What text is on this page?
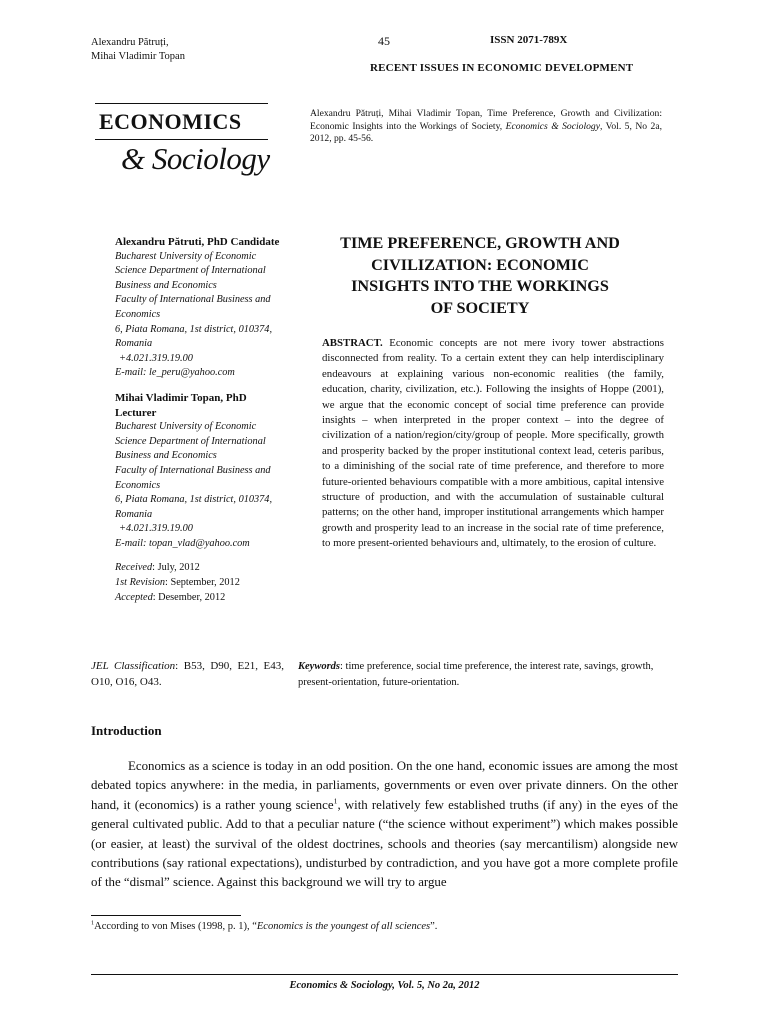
Alexandru Pătruți,
Mihai Vladimir Topan
45	ISSN 2071-789X
RECENT ISSUES IN ECONOMIC DEVELOPMENT
ECONOMICS
& Sociology
Alexandru Pătruți, Mihai Vladimir Topan, Time Preference, Growth and Civilization: Economic Insights into the Workings of Society, Economics & Sociology, Vol. 5, No 2a, 2012, pp. 45-56.
Alexandru Pătruti, PhD Candidate
Bucharest University of Economic Science Department of International Business and Economics
Faculty of International Business and Economics
6, Piata Romana, 1st district, 010374, Romania
+4.021.319.19.00
E-mail: le_peru@yahoo.com
Mihai Vladimir Topan, PhD Lecturer
Bucharest University of Economic Science Department of International Business and Economics
Faculty of International Business and Economics
6, Piata Romana, 1st district, 010374, Romania
+4.021.319.19.00
E-mail: topan_vlad@yahoo.com
Received: July, 2012
1st Revision: September, 2012
Accepted: Desember, 2012
TIME PREFERENCE, GROWTH AND
CIVILIZATION: ECONOMIC
INSIGHTS INTO THE WORKINGS
OF SOCIETY
ABSTRACT. Economic concepts are not mere ivory tower abstractions disconnected from reality. To a certain extent they can help interdisciplinary endeavours at explaining various non-economic realities (the family, education, charity, civilization, etc.). Following the insights of Hoppe (2001), we argue that the economic concept of social time preference can provide insights – when interpreted in the proper context – into the degree of civilization of a nation/region/city/group of people. More specifically, growth and prosperity backed by the proper institutional context lead, ceteris paribus, to a diminishing of the social rate of time preference, and therefore to more future-oriented behaviours compatible with a more ambitious, capital intensive structure of production, and with the accumulation of sustainable cultural patterns; on the other hand, improper institutional arrangements which hamper growth and prosperity lead to an increase in the social rate of time preference, to more present-oriented behaviours and, ultimately, to the erosion of culture.
JEL Classification: B53, D90, E21, E43, O10, O16, O43.
Keywords: time preference, social time preference, the interest rate, savings, growth, present-orientation, future-orientation.
Introduction
Economics as a science is today in an odd position. On the one hand, economic issues are among the most debated topics anywhere: in the media, in parliaments, governments or even over private dinners. On the other hand, it (economics) is a rather young science$^1$, with relatively few established truths (if any) in the eyes of the general cultivated public. Add to that a peculiar nature (“the science without experiment”) which makes possible (or easier, at least) the survival of the oldest doctrines, schools and theories (say mercantilism) alongside new contributions (say rational expectations), undisturbed by contradiction, and you have got a more complete profile of the “dismal” science. Against this background we will try to argue
$^1$According to von Mises (1998, p. 1), “Economics is the youngest of all sciences”.
Economics & Sociology, Vol. 5, No 2a, 2012
